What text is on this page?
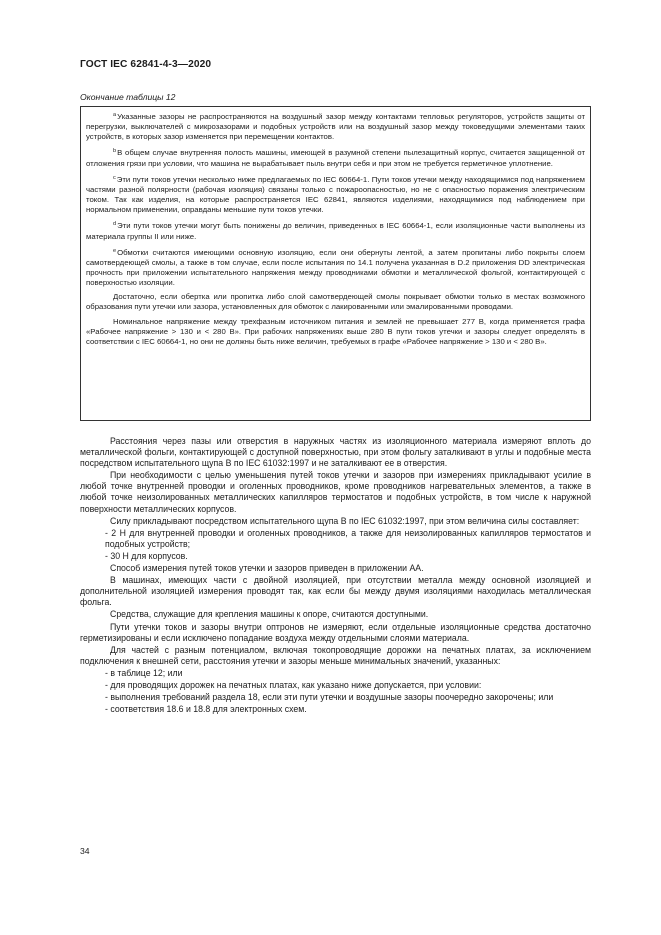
ГОСТ IEC 62841-4-3—2020
Окончание таблицы 12

$^a$Указанные зазоры не распространяются на воздушный зазор между контактами тепловых регуляторов, устройств защиты от перегрузки, выключателей с микрозазорами и подобных устройств или на воздушный зазор между токоведущими элементами таких устройств, в которых зазор изменяется при перемещении контактов.

$^b$В общем случае внутренняя полость машины, имеющей в разумной степени пылезащитный корпус, считается защищенной от отложения грязи при условии, что машина не вырабатывает пыль внутри себя и при этом не требуется герметичное уплотнение.

$^c$Эти пути токов утечки несколько ниже предлагаемых по IEC 60664-1. Пути токов утечки между находящимися под напряжением частями разной полярности (рабочая изоляция) связаны только с пожароопасностью, но не с опасностью поражения электрическим током. Так как изделия, на которые распространяется IEC 62841, являются изделиями, находящимися под наблюдением при нормальном применении, оправданы меньшие пути токов утечки.

$^d$Эти пути токов утечки могут быть понижены до величин, приведенных в IEC 60664-1, если изоляционные части выполнены из материала группы II или ниже.

$^e$Обмотки считаются имеющими основную изоляцию, если они обернуты лентой, а затем пропитаны либо покрыты слоем самотвердеющей смолы, а также в том случае, если после испытания по 14.1 получена указанная в D.2 приложения DD электрическая прочность при приложении испытательного напряжения между проводниками обмотки и металлической фольгой, контактирующей с поверхностью изоляции.

Достаточно, если обертка или пропитка либо слой самотвердеющей смолы покрывает обмотки только в местах возможного образования пути утечки или зазора, установленных для обмоток с лакированными или эмалированными проводами.

Номинальное напряжение между трехфазным источником питания и землей не превышает 277 В, когда применяется графа «Рабочее напряжение > 130 и < 280 В». При рабочих напряжениях выше 280 В пути токов утечки и зазоры следует определять в соответствии с IEC 60664-1, но они не должны быть ниже величин, требуемых в графе «Рабочее напряжение > 130 и < 280 В».

Расстояния через пазы или отверстия в наружных частях из изоляционного материала измеряют вплоть до металлической фольги, контактирующей с доступной поверхностью, при этом фольгу заталкивают в углы и подобные места посредством испытательного щупа В по IEC 61032:1997 и не заталкивают ее в отверстия.

При необходимости с целью уменьшения путей токов утечки и зазоров при измерениях прикладывают усилие в любой точке внутренней проводки и оголенных проводников, кроме проводников нагревательных элементов, а также в любой точке неизолированных металлических капилляров термостатов и подобных устройств, в том числе к наружной поверхности металлических корпусов.

Силу прикладывают посредством испытательного щупа В по IEC 61032:1997, при этом величина силы составляет:

- 2 Н для внутренней проводки и оголенных проводников, а также для неизолированных капилляров термостатов и подобных устройств;

- 30 Н для корпусов.

Способ измерения путей токов утечки и зазоров приведен в приложении АА.

В машинах, имеющих части с двойной изоляцией, при отсутствии металла между основной изоляцией и дополнительной изоляцией измерения проводят так, как если бы между двумя изоляциями находилась металлическая фольга.

Средства, служащие для крепления машины к опоре, считаются доступными.

Пути утечки токов и зазоры внутри оптронов не измеряют, если отдельные изоляционные средства достаточно герметизированы и если исключено попадание воздуха между отдельными слоями материала.

Для частей с разным потенциалом, включая токопроводящие дорожки на печатных платах, за исключением подключения к внешней сети, расстояния утечки и зазоры меньше минимальных значений, указанных:

- в таблице 12; или

- для проводящих дорожек на печатных платах, как указано ниже допускается, при условии:

- выполнения требований раздела 18, если эти пути утечки и воздушные зазоры поочередно закорочены; или

- соответствия 18.6 и 18.8 для электронных схем.

34
